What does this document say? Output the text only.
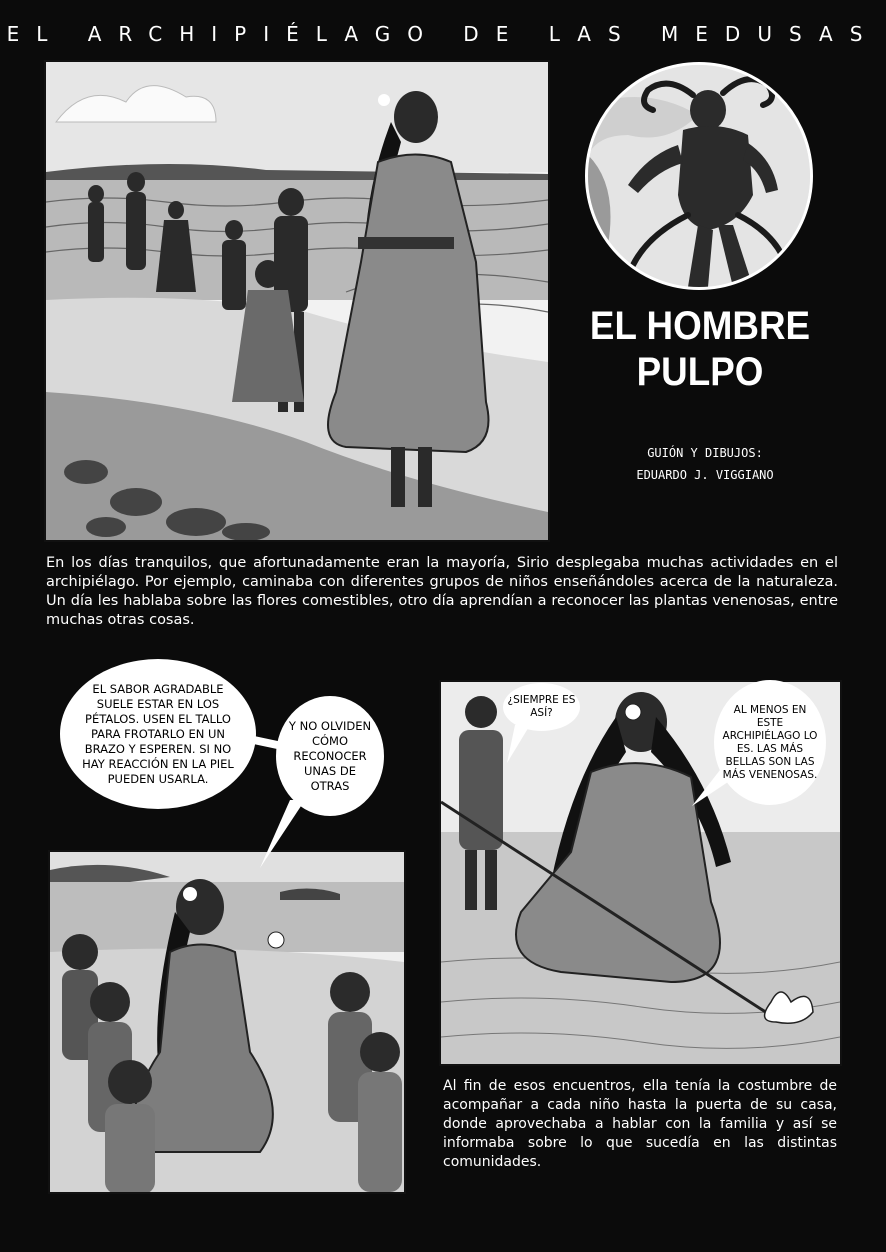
EL ARCHIPIÉLAGO DE LAS MEDUSAS
EL HOMBRE
PULPO
GUIÓN Y DIBUJOS:
EDUARDO J. VIGGIANO
En los días tranquilos, que afortunadamente eran la mayoría, Sirio desplegaba muchas actividades en el archipiélago. Por ejemplo, caminaba con diferentes grupos de niños enseñándoles acerca de la naturaleza. Un día les hablaba sobre las flores comestibles, otro día aprendían a reconocer las plantas venenosas, entre muchas otras cosas.
EL SABOR AGRADABLE SUELE ESTAR EN LOS PÉTALOS. USEN EL TALLO PARA FROTARLO EN UN BRAZO Y ESPEREN. SI NO HAY REACCIÓN EN LA PIEL PUEDEN USARLA.
Y NO OLVIDEN CÓMO RECONOCER UNAS DE OTRAS
¿SIEMPRE ES ASÍ?	AL MENOS EN ESTE ARCHIPIÉLAGO LO ES. LAS MÁS BELLAS SON LAS MÁS VENENOSAS.
Al fin de esos encuentros, ella tenía la costumbre de acompañar a cada niño hasta la puerta de su casa, donde aprovechaba a hablar con la familia y así se informaba sobre lo que sucedía en las distintas comunidades.
